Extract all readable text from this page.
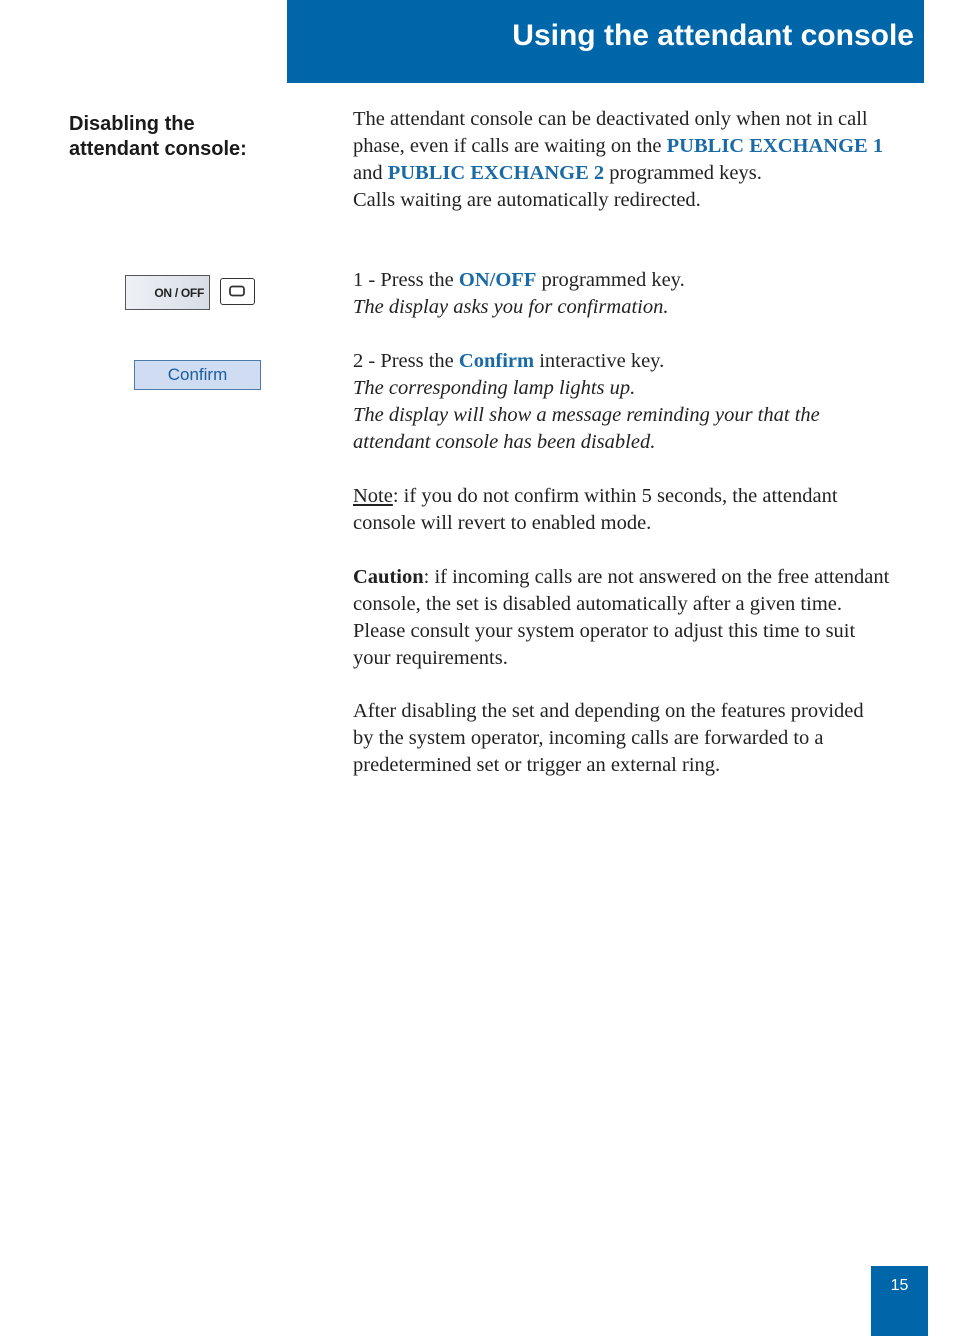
Using the attendant console
Disabling the
attendant console:

The attendant console can be deactivated only when not in call

phase, even if calls are waiting on the PUBLIC EXCHANGE 1

and PUBLIC EXCHANGE 2 programmed keys.

Calls waiting are automatically redirected.

ON / OFF
Confirm

1 - Press the ON/OFF programmed key.

The display asks you for confirmation.

2 - Press the Confirm interactive key.

The corresponding lamp lights up.

The display will show a message reminding your that the

attendant console has been disabled.

Note: if you do not confirm within 5 seconds, the attendant

console will revert to enabled mode.

Caution: if incoming calls are not answered on the free attendant

console, the set is disabled automatically after a given time.

Please consult your system operator to adjust this time to suit

your requirements.

After disabling the set and depending on the features provided

by the system operator, incoming calls are forwarded to a

predetermined set or trigger an external ring.

15
